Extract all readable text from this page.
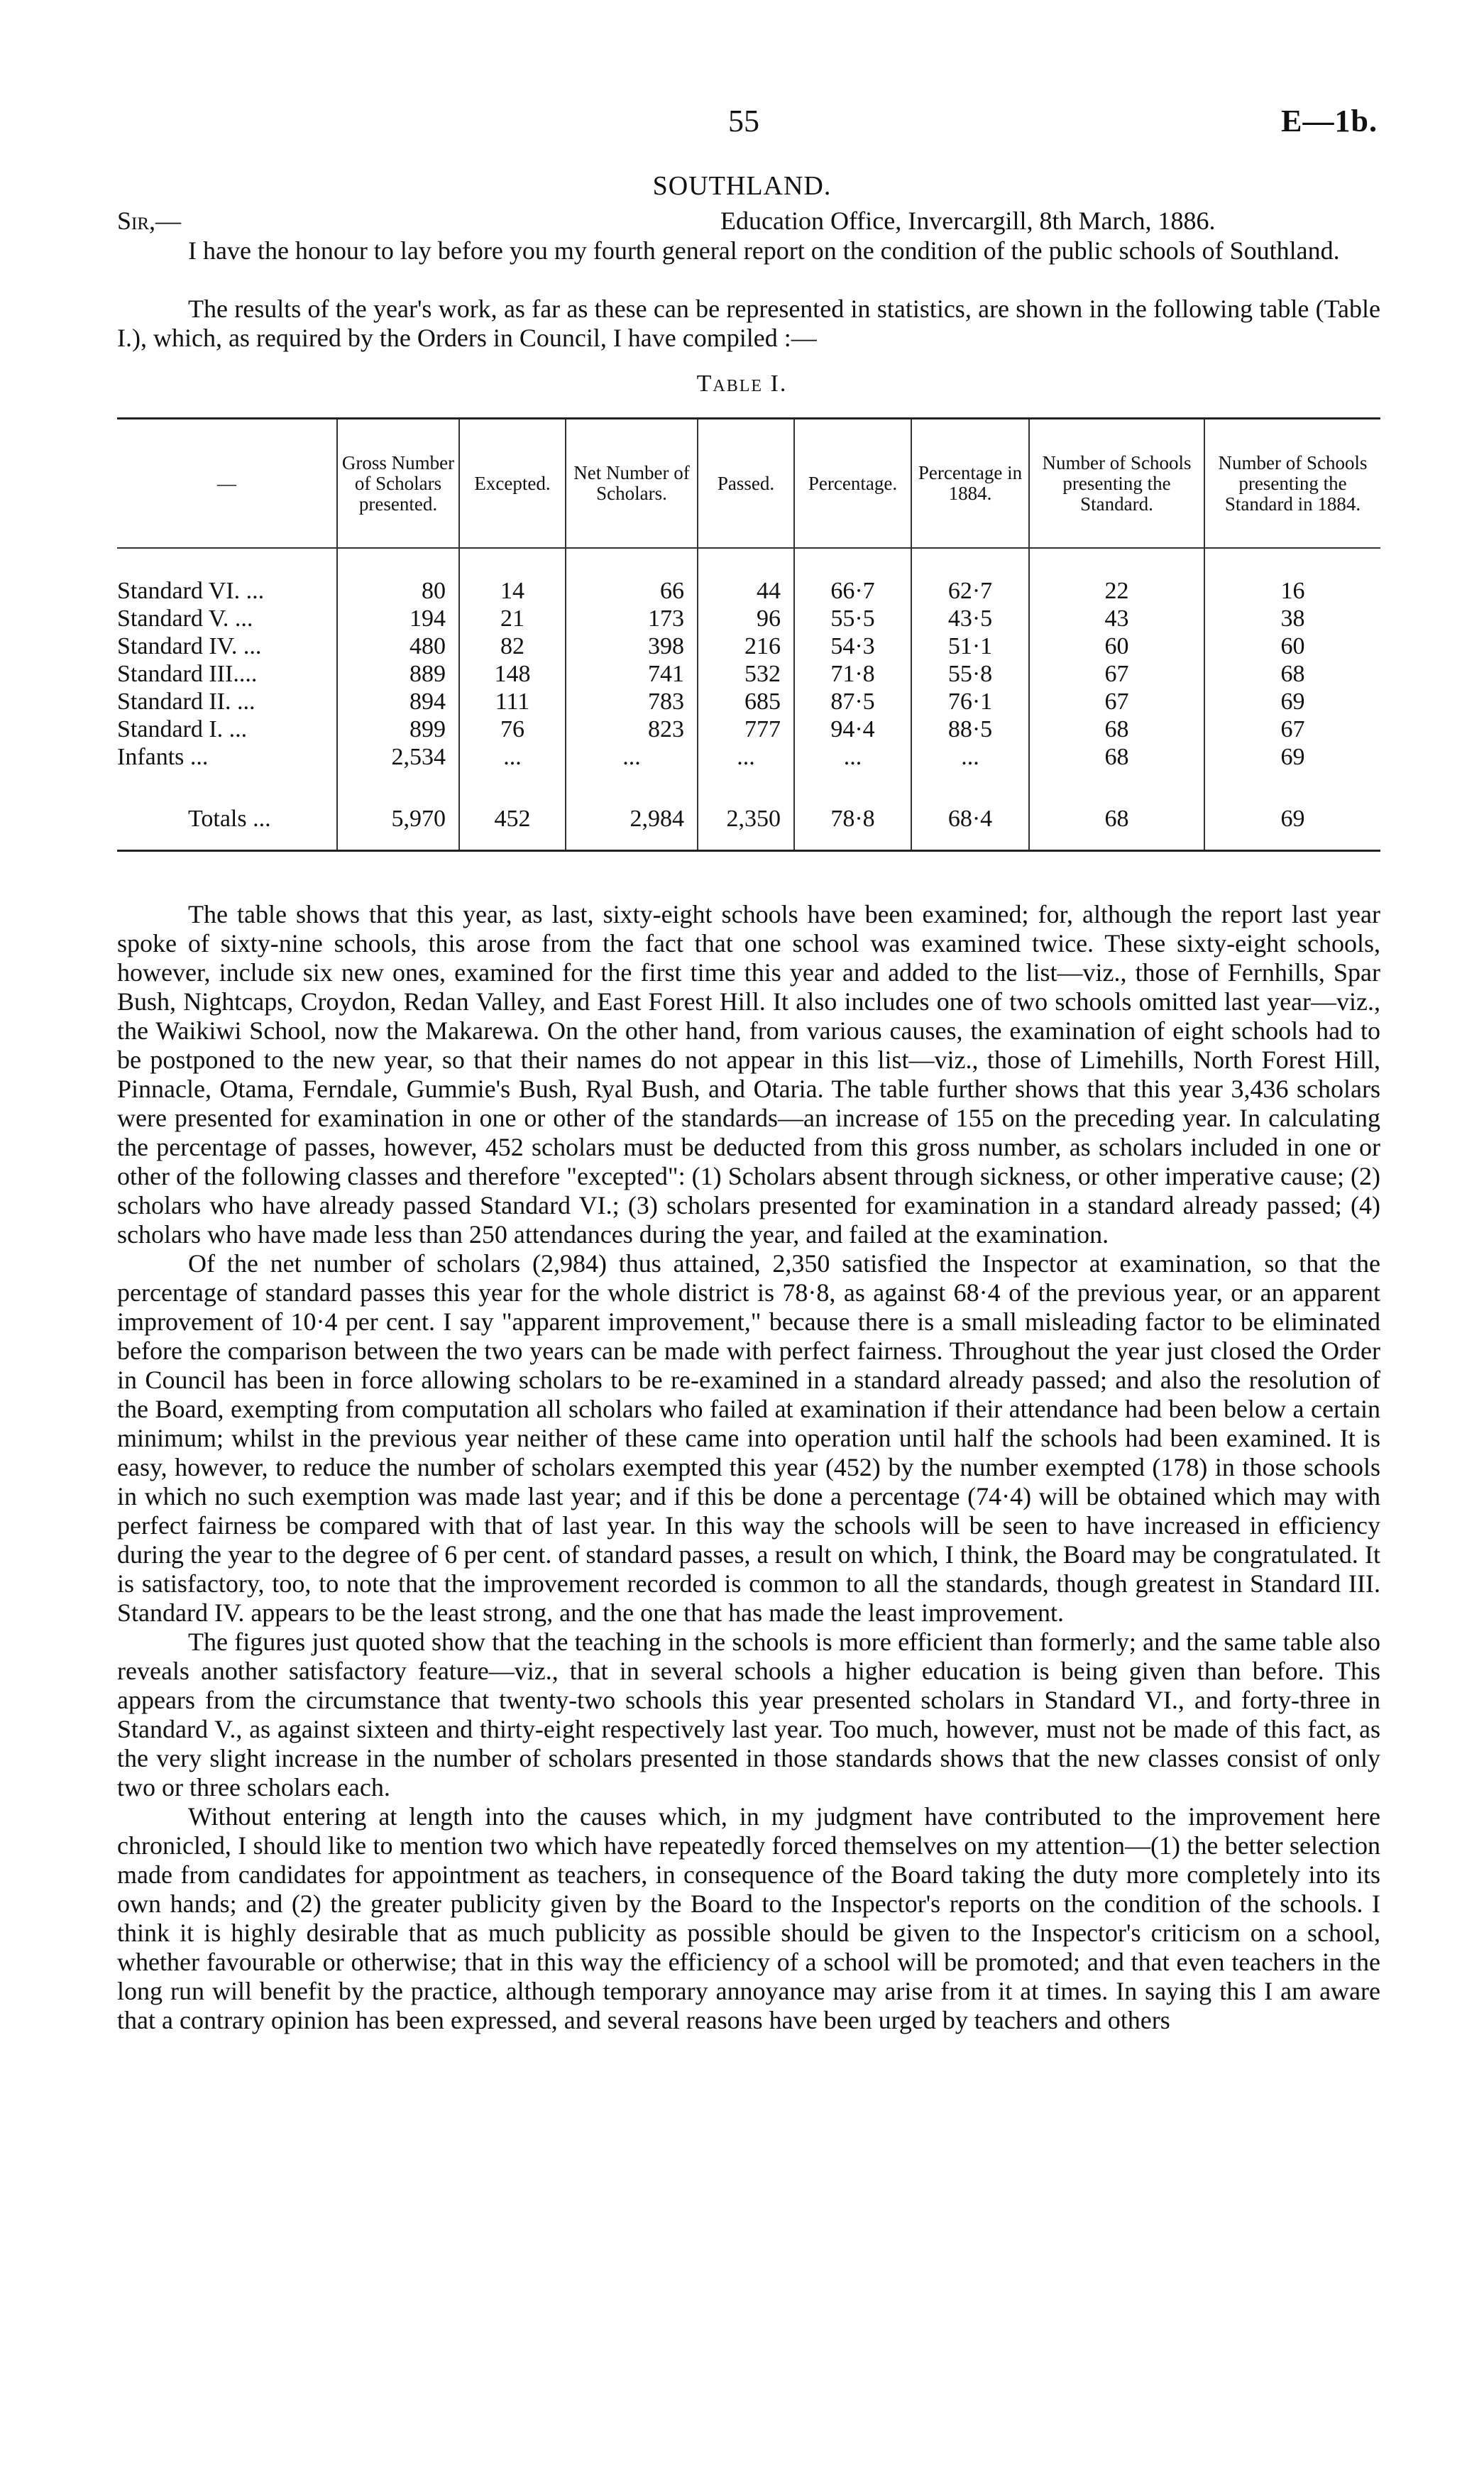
55	E—1b.
SOUTHLAND.
Sir,—	Education Office, Invercargill, 8th March, 1886.

I have the honour to lay before you my fourth general report on the condition of the public schools of Southland.

The results of the year's work, as far as these can be represented in statistics, are shown in the following table (Table I.), which, as required by the Orders in Council, I have compiled :—

Table I.
—	Gross Number of Scholars presented.	Excepted.	Net Number of Scholars.	Passed.	Percentage.	Percentage in 1884.	Number of Schools presenting the Standard.	Number of Schools presenting the Standard in 1884.
Standard VI. ...	80	14	66	44	66·7	62·7	22	16
Standard V. ...	194	21	173	96	55·5	43·5	43	38
Standard IV. ...	480	82	398	216	54·3	51·1	60	60
Standard III....	889	148	741	532	71·8	55·8	67	68
Standard II. ...	894	111	783	685	87·5	76·1	67	69
Standard I. ...	899	76	823	777	94·4	88·5	68	67
Infants ...	2,534	...	...	...	...	...	68	69
Totals ...	5,970	452	2,984	2,350	78·8	68·4	68	69

The table shows that this year, as last, sixty-eight schools have been examined; for, although the report last year spoke of sixty-nine schools, this arose from the fact that one school was examined twice. These sixty-eight schools, however, include six new ones, examined for the first time this year and added to the list—viz., those of Fernhills, Spar Bush, Nightcaps, Croydon, Redan Valley, and East Forest Hill. It also includes one of two schools omitted last year—viz., the Waikiwi School, now the Makarewa. On the other hand, from various causes, the examination of eight schools had to be postponed to the new year, so that their names do not appear in this list—viz., those of Limehills, North Forest Hill, Pinnacle, Otama, Ferndale, Gummie's Bush, Ryal Bush, and Otaria. The table further shows that this year 3,436 scholars were presented for examination in one or other of the standards—an increase of 155 on the preceding year. In calculating the percentage of passes, however, 452 scholars must be deducted from this gross number, as scholars included in one or other of the following classes and therefore "excepted": (1) Scholars absent through sickness, or other imperative cause; (2) scholars who have already passed Standard VI.; (3) scholars presented for examination in a standard already passed; (4) scholars who have made less than 250 attendances during the year, and failed at the examination.

Of the net number of scholars (2,984) thus attained, 2,350 satisfied the Inspector at examination, so that the percentage of standard passes this year for the whole district is 78·8, as against 68·4 of the previous year, or an apparent improvement of 10·4 per cent. I say "apparent improvement," because there is a small misleading factor to be eliminated before the comparison between the two years can be made with perfect fairness. Throughout the year just closed the Order in Council has been in force allowing scholars to be re-examined in a standard already passed; and also the resolution of the Board, exempting from computation all scholars who failed at examination if their attendance had been below a certain minimum; whilst in the previous year neither of these came into operation until half the schools had been examined. It is easy, however, to reduce the number of scholars exempted this year (452) by the number exempted (178) in those schools in which no such exemption was made last year; and if this be done a percentage (74·4) will be obtained which may with perfect fairness be compared with that of last year. In this way the schools will be seen to have increased in efficiency during the year to the degree of 6 per cent. of standard passes, a result on which, I think, the Board may be congratulated. It is satisfactory, too, to note that the improvement recorded is common to all the standards, though greatest in Standard III. Standard IV. appears to be the least strong, and the one that has made the least improvement.

The figures just quoted show that the teaching in the schools is more efficient than formerly; and the same table also reveals another satisfactory feature—viz., that in several schools a higher education is being given than before. This appears from the circumstance that twenty-two schools this year presented scholars in Standard VI., and forty-three in Standard V., as against sixteen and thirty-eight respectively last year. Too much, however, must not be made of this fact, as the very slight increase in the number of scholars presented in those standards shows that the new classes consist of only two or three scholars each.

Without entering at length into the causes which, in my judgment have contributed to the improvement here chronicled, I should like to mention two which have repeatedly forced themselves on my attention—(1) the better selection made from candidates for appointment as teachers, in consequence of the Board taking the duty more completely into its own hands; and (2) the greater publicity given by the Board to the Inspector's reports on the condition of the schools. I think it is highly desirable that as much publicity as possible should be given to the Inspector's criticism on a school, whether favourable or otherwise; that in this way the efficiency of a school will be promoted; and that even teachers in the long run will benefit by the practice, although temporary annoyance may arise from it at times. In saying this I am aware that a contrary opinion has been expressed, and several reasons have been urged by teachers and others
